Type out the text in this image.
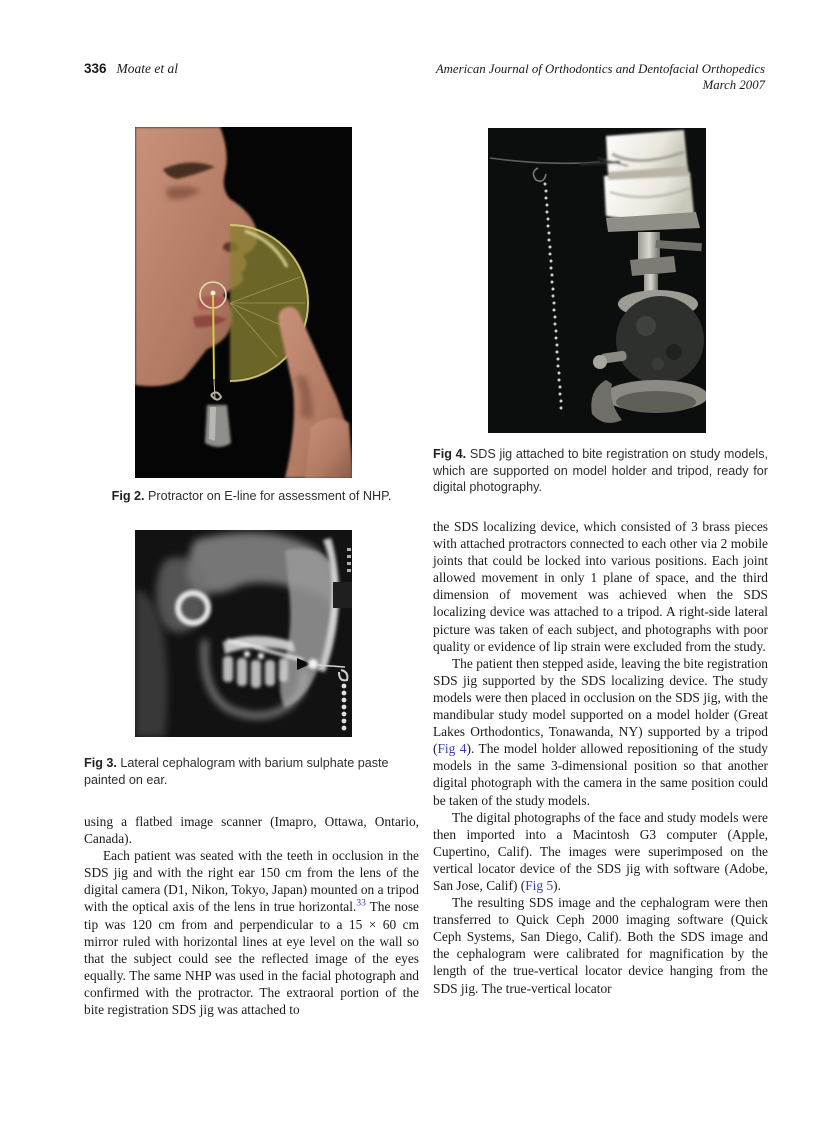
336 Moate et al	American Journal of Orthodontics and Dentofacial Orthopedics
March 2007
Fig 2. Protractor on E-line for assessment of NHP.
Fig 3. Lateral cephalogram with barium sulphate paste painted on ear.
Fig 4. SDS jig attached to bite registration on study models, which are supported on model holder and tripod, ready for digital photography.

using a flatbed image scanner (Imapro, Ottawa, Ontario, Canada).

Each patient was seated with the teeth in occlusion in the SDS jig and with the right ear 150 cm from the lens of the digital camera (D1, Nikon, Tokyo, Japan) mounted on a tripod with the optical axis of the lens in true horizontal.$^{33}$ The nose tip was 120 cm from and perpendicular to a 15 × 60 cm mirror ruled with horizontal lines at eye level on the wall so that the subject could see the reflected image of the eyes equally. The same NHP was used in the facial photograph and confirmed with the protractor. The extraoral portion of the bite registration SDS jig was attached to

the SDS localizing device, which consisted of 3 brass pieces with attached protractors connected to each other via 2 mobile joints that could be locked into various positions. Each joint allowed movement in only 1 plane of space, and the third dimension of movement was achieved when the SDS localizing device was attached to a tripod. A right-side lateral picture was taken of each subject, and photographs with poor quality or evidence of lip strain were excluded from the study.

The patient then stepped aside, leaving the bite registration SDS jig supported by the SDS localizing device. The study models were then placed in occlusion on the SDS jig, with the mandibular study model supported on a model holder (Great Lakes Orthodontics, Tonawanda, NY) supported by a tripod (Fig 4). The model holder allowed repositioning of the study models in the same 3-dimensional position so that another digital photograph with the camera in the same position could be taken of the study models.

The digital photographs of the face and study models were then imported into a Macintosh G3 computer (Apple, Cupertino, Calif). The images were superimposed on the vertical locator device of the SDS jig with software (Adobe, San Jose, Calif) (Fig 5).

The resulting SDS image and the cephalogram were then transferred to Quick Ceph 2000 imaging software (Quick Ceph Systems, San Diego, Calif). Both the SDS image and the cephalogram were calibrated for magnification by the length of the true-vertical locator device hanging from the SDS jig. The true-vertical locator
